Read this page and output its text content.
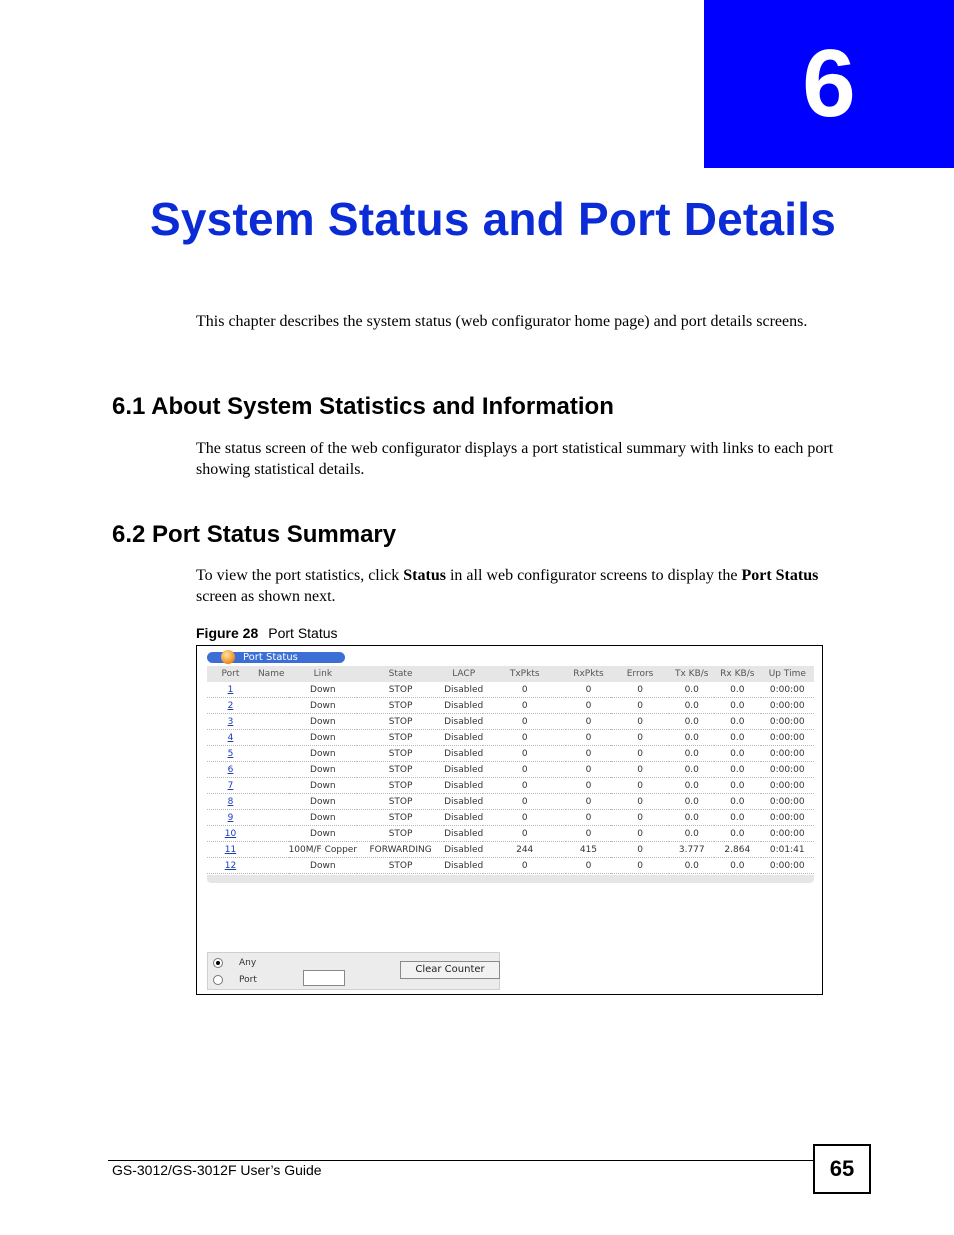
6
System Status and Port Details

This chapter describes the system status (web configurator home page) and port details screens.

6.1 About System Statistics and Information

The status screen of the web configurator displays a port statistical summary with links to each port showing statistical details.

6.2 Port Status Summary

To view the port statistics, click Status in all web configurator screens to display the Port Status screen as shown next.

Figure 28 Port Status
Port Status
Port	Name	Link	State	LACP	TxPkts	RxPkts	Errors	Tx KB/s	Rx KB/s	Up Time
1		Down	STOP	Disabled	0	0	0	0.0	0.0	0:00:00
2		Down	STOP	Disabled	0	0	0	0.0	0.0	0:00:00
3		Down	STOP	Disabled	0	0	0	0.0	0.0	0:00:00
4		Down	STOP	Disabled	0	0	0	0.0	0.0	0:00:00
5		Down	STOP	Disabled	0	0	0	0.0	0.0	0:00:00
6		Down	STOP	Disabled	0	0	0	0.0	0.0	0:00:00
7		Down	STOP	Disabled	0	0	0	0.0	0.0	0:00:00
8		Down	STOP	Disabled	0	0	0	0.0	0.0	0:00:00
9		Down	STOP	Disabled	0	0	0	0.0	0.0	0:00:00
10		Down	STOP	Disabled	0	0	0	0.0	0.0	0:00:00
11		100M/F Copper	FORWARDING	Disabled	244	415	0	3.777	2.864	0:01:41
12		Down	STOP	Disabled	0	0	0	0.0	0.0	0:00:00
Any
Port
Clear Counter
GS-3012/GS-3012F User’s Guide	65
